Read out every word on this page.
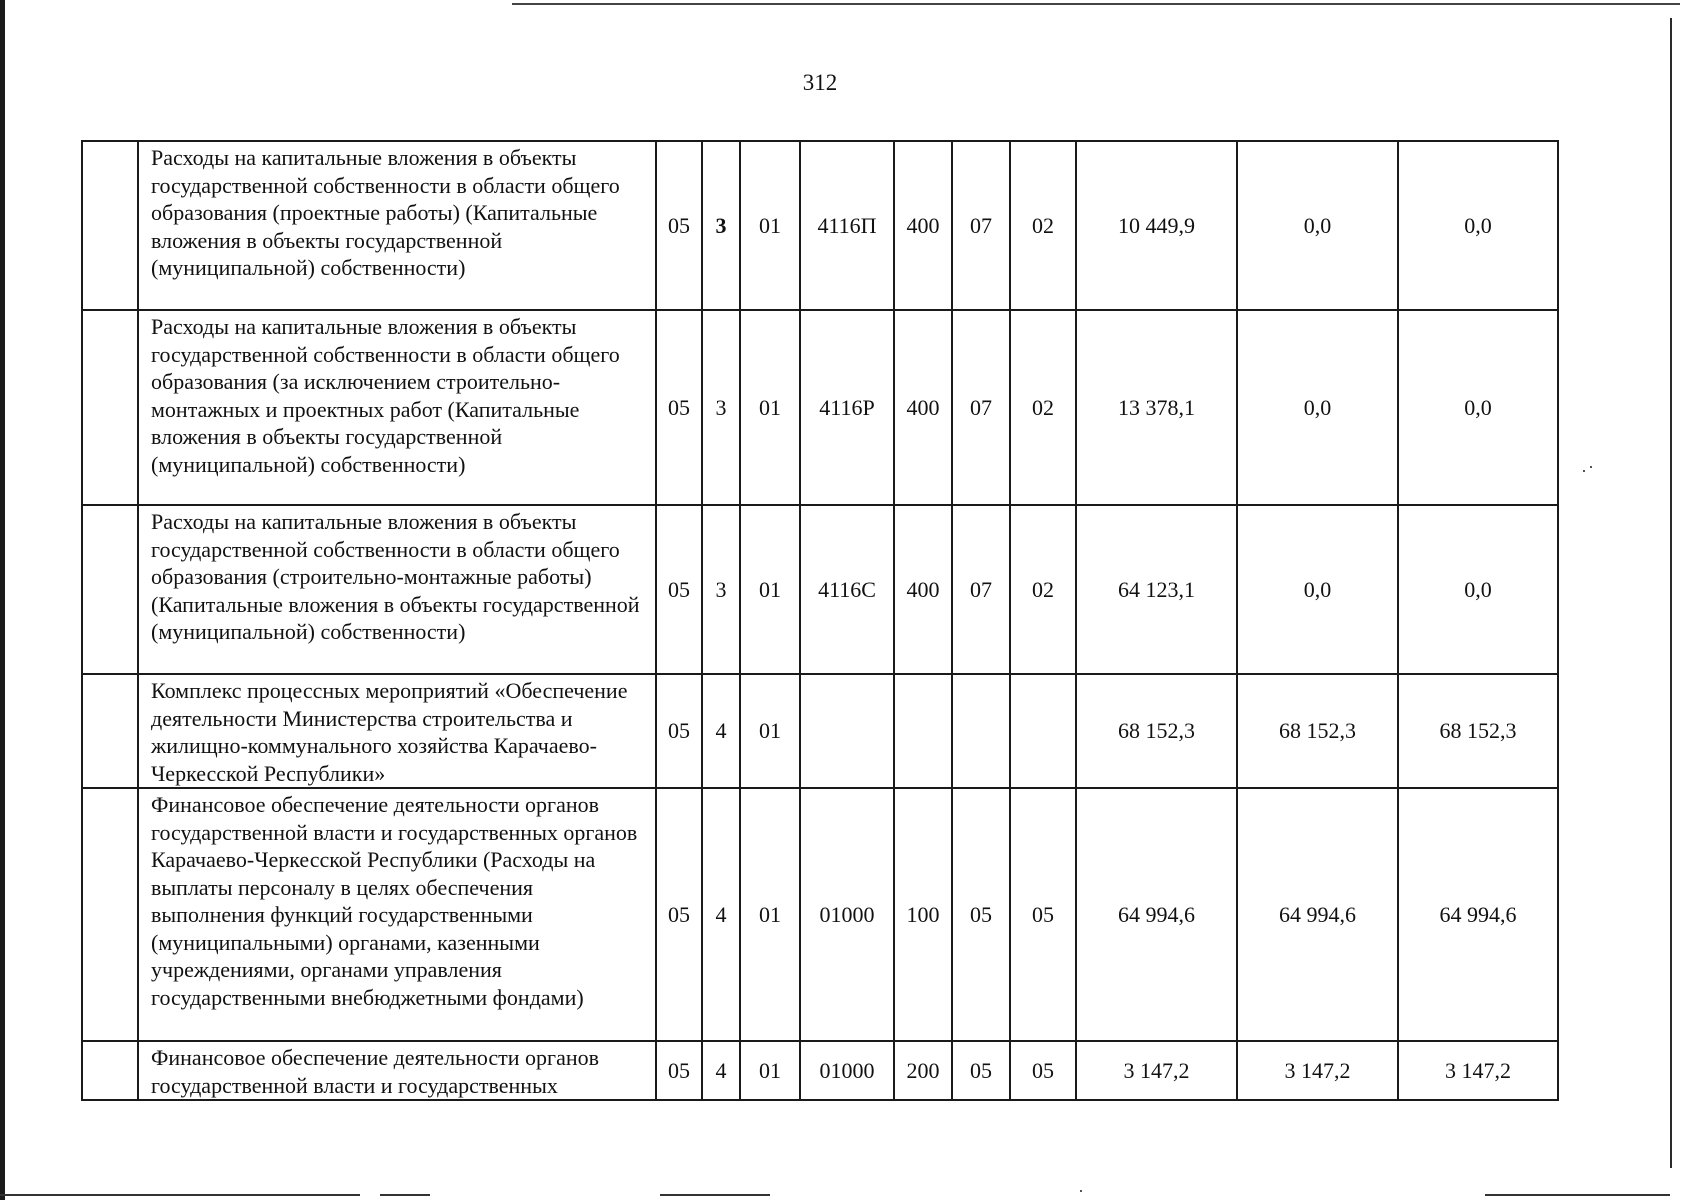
312
	Расходы на капитальные вложения в объекты государственной собственности в области общего образования (проектные работы) (Капитальные вложения в объекты государственной (муниципальной) собственности)	05	3	01	4116П	400	07	02	10 449,9	0,0	0,0
	Расходы на капитальные вложения в объекты государственной собственности в области общего образования (за исключением строительно-монтажных и проектных работ (Капитальные вложения в объекты государственной (муниципальной) собственности)	05	3	01	4116Р	400	07	02	13 378,1	0,0	0,0
	Расходы на капитальные вложения в объекты государственной собственности в области общего образования (строительно-монтажные работы) (Капитальные вложения в объекты государственной (муниципальной) собственности)	05	3	01	4116С	400	07	02	64 123,1	0,0	0,0
	Комплекс процессных мероприятий «Обеспечение деятельности Министерства строительства и жилищно-коммунального хозяйства Карачаево-Черкесской Республики»	05	4	01					68 152,3	68 152,3	68 152,3
	Финансовое обеспечение деятельности органов государственной власти и государственных органов Карачаево-Черкесской Республики (Расходы на выплаты персоналу в целях обеспечения выполнения функций государственными (муниципальными) органами, казенными учреждениями, органами управления государственными внебюджетными фондами)	05	4	01	01000	100	05	05	64 994,6	64 994,6	64 994,6
	Финансовое обеспечение деятельности органов государственной власти и государственных	05	4	01	01000	200	05	05	3 147,2	3 147,2	3 147,2
